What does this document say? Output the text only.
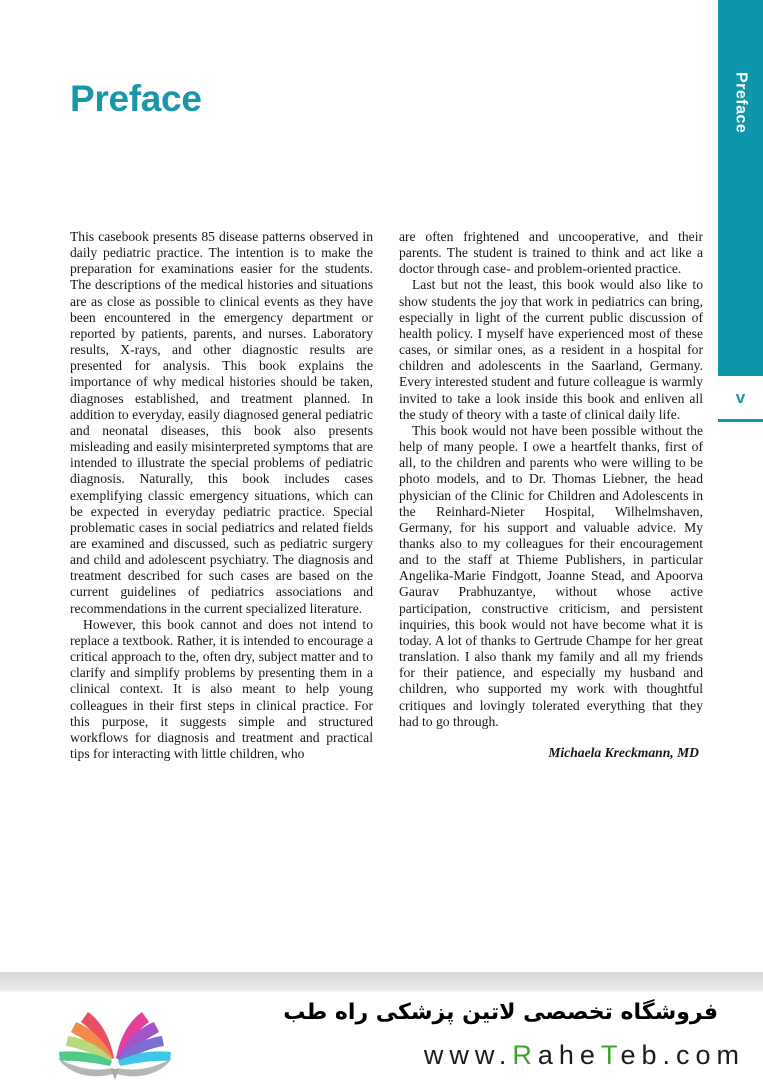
Preface

This casebook presents 85 disease patterns observed in daily pediatric practice. The intention is to make the preparation for examinations easier for the students. The descriptions of the medical histories and situations are as close as possible to clinical events as they have been encountered in the emergency department or reported by patients, parents, and nurses. Laboratory results, X-rays, and other diagnostic results are presented for analysis. This book explains the importance of why medical histories should be taken, diagnoses established, and treatment planned. In addition to everyday, easily diagnosed general pediatric and neonatal diseases, this book also presents misleading and easily misinterpreted symptoms that are intended to illustrate the special problems of pediatric diagnosis. Naturally, this book includes cases exemplifying classic emergency situations, which can be expected in everyday pediatric practice. Special problematic cases in social pediatrics and related fields are examined and discussed, such as pediatric surgery and child and adolescent psychiatry. The diagnosis and treatment described for such cases are based on the current guidelines of pediatrics associations and recommendations in the current specialized literature.

However, this book cannot and does not intend to replace a textbook. Rather, it is intended to encourage a critical approach to the, often dry, subject matter and to clarify and simplify problems by presenting them in a clinical context. It is also meant to help young colleagues in their first steps in clinical practice. For this purpose, it suggests simple and structured workflows for diagnosis and treatment and practical tips for interacting with little children, who

are often frightened and uncooperative, and their parents. The student is trained to think and act like a doctor through case- and problem-oriented practice.

Last but not the least, this book would also like to show students the joy that work in pediatrics can bring, especially in light of the current public discussion of health policy. I myself have experienced most of these cases, or similar ones, as a resident in a hospital for children and adolescents in the Saarland, Germany. Every interested student and future colleague is warmly invited to take a look inside this book and enliven all the study of theory with a taste of clinical daily life.

This book would not have been possible without the help of many people. I owe a heartfelt thanks, first of all, to the children and parents who were willing to be photo models, and to Dr. Thomas Liebner, the head physician of the Clinic for Children and Adolescents in the Reinhard-Nieter Hospital, Wilhelmshaven, Germany, for his support and valuable advice. My thanks also to my colleagues for their encouragement and to the staff at Thieme Publishers, in particular Angelika-Marie Findgott, Joanne Stead, and Apoorva Gaurav Prabhuzantye, without whose active participation, constructive criticism, and persistent inquiries, this book would not have become what it is today. A lot of thanks to Gertrude Champe for her great translation. I also thank my family and all my friends for their patience, and especially my husband and children, who supported my work with thoughtful critiques and lovingly tolerated everything that they had to go through.

Michaela Kreckmann, MD

Preface
v
فروشگاه تخصصی لاتین پزشکی راه طب
www.RaheTeb.com
